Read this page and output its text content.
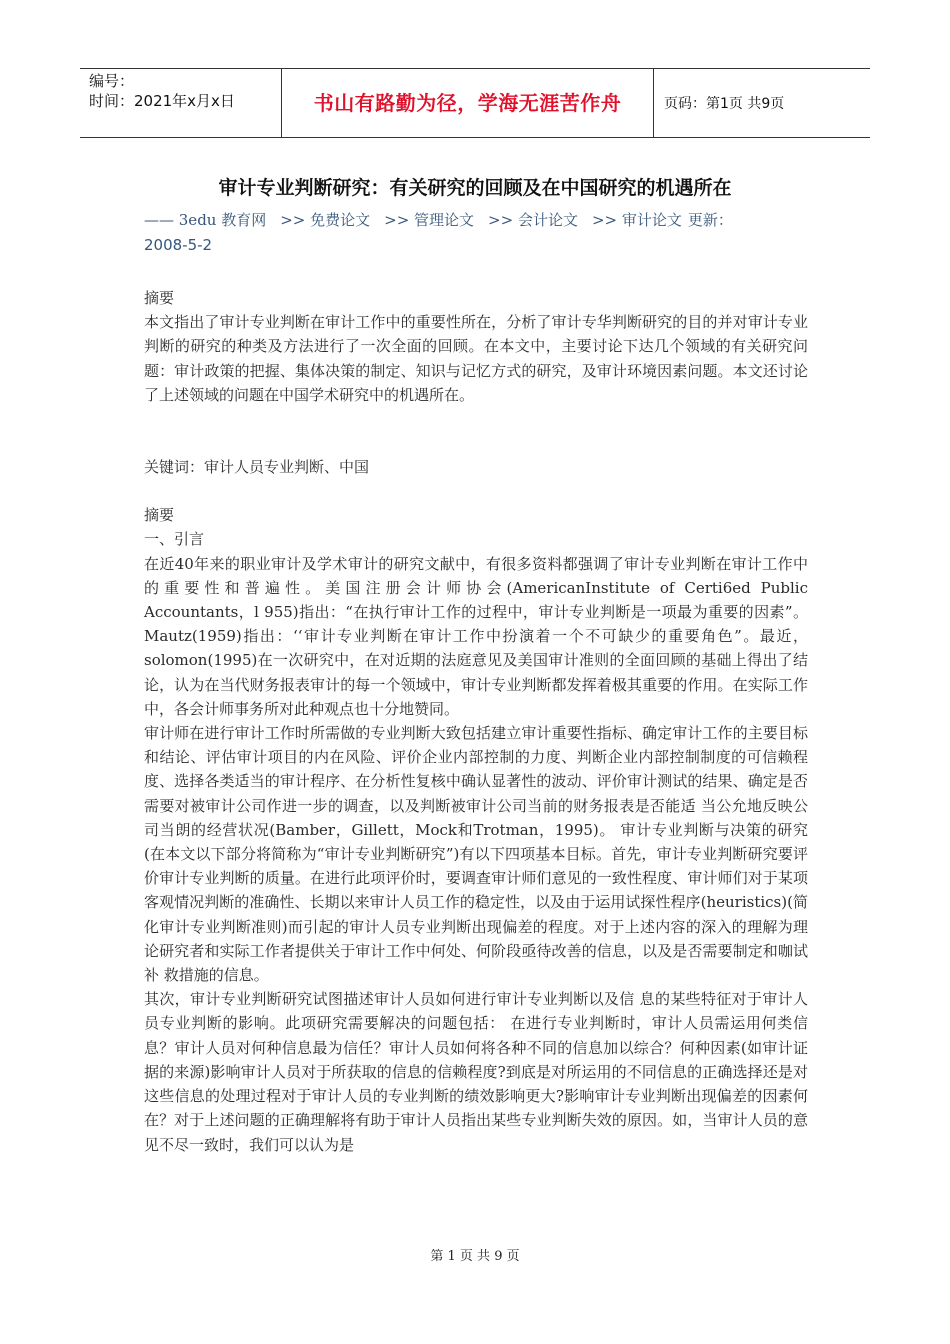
编号：
时间：2021年x月x日	书山有路勤为径，学海无涯苦作舟	页码：第1页 共9页
审计专业判断研究：有关研究的回顾及在中国研究的机遇所在
—— 3edu 教育网 >> 免费论文 >> 管理论文 >> 会计论文 >> 审计论文 更新：
2008-5-2

摘要

本文指出了审计专业判断在审计工作中的重要性所在，分析了审计专华判断研究的目的并对审计专业判断的研究的种类及方法进行了一次全面的回顾。在本文中，主要讨论下达几个领域的有关研究问题：审计政策的把握、集体决策的制定、知识与记忆方式的研究，及审计环境因素问题。本文还讨论了上述领域的问题在中国学术研究中的机遇所在。

关键词：审计人员专业判断、中国

摘要

一、引言

在近40年来的职业审计及学术审计的研究文献中，有很多资料都强调了审计专业判断在审计工作中的重要性和普遍性。美国注册会计师协会(AmericanInstitute of Certi6ed Public Accountants，l 955)指出：“在执行审计工作的过程中，审计专业判断是一项最为重要的因素”。Mautz(1959)指出：‘‘审计专业判断在审计工作中扮演着一个不可缺少的重要角色”。最近，solomon(1995)在一次研究中，在对近期的法庭意见及美国审计准则的全面回顾的基础上得出了结论，认为在当代财务报表审计的每一个领域中，审计专业判断都发挥着极其重要的作用。在实际工作中，各会计师事务所对此种观点也十分地赞同。

审计师在进行审计工作时所需做的专业判断大致包括建立审计重要性指标、确定审计工作的主要目标和结论、评估审计项目的内在风险、评价企业内部控制的力度、判断企业内部控制制度的可信赖程度、选择各类适当的审计程序、在分析性复核中确认显著性的波动、评价审计测试的结果、确定是否需要对被审计公司作进一步的调查，以及判断被审计公司当前的财务报表是否能适 当公允地反映公司当朗的经营状况(Bamber，Gillett，Mock和Trotman，1995)。 审计专业判断与决策的研究(在本文以下部分将简称为“审计专业判断研究”)有以下四项基本目标。首先，审计专业判断研究要评价审计专业判断的质量。在进行此项评价时，要调查审计师们意见的一致性程度、审计师们对于某项客观情况判断的准确性、长期以来审计人员工作的稳定性，以及由于运用试探性程序(heuristics)(简化审计专业判断准则)而引起的审计人员专业判断出现偏差的程度。对于上述内容的深入的理解为理论研究者和实际工作者提供关于审计工作中何处、何阶段亟待改善的信息，以及是否需要制定和咖试补 救措施的信息。

其次，审计专业判断研究试图描述审计人员如何进行审计专业判断以及信 息的某些特征对于审计人员专业判断的影响。此项研究需要解决的问题包括： 在进行专业判断时，审计人员需运用何类信息？审计人员对何种信息最为信任？审计人员如何将各种不同的信息加以综合？何种因素(如审计证据的来源)影响审计人员对于所获取的信息的信赖程度?到底是对所运用的不同信息的正确选择还是对这些信息的处理过程对于审计人员的专业判断的绩效影响更大?影响审计专业判断出现偏差的因素何在？对于上述问题的正确理解将有助于审计人员指出某些专业判断失效的原因。如，当审计人员的意见不尽一致时，我们可以认为是

第 1 页 共 9 页
